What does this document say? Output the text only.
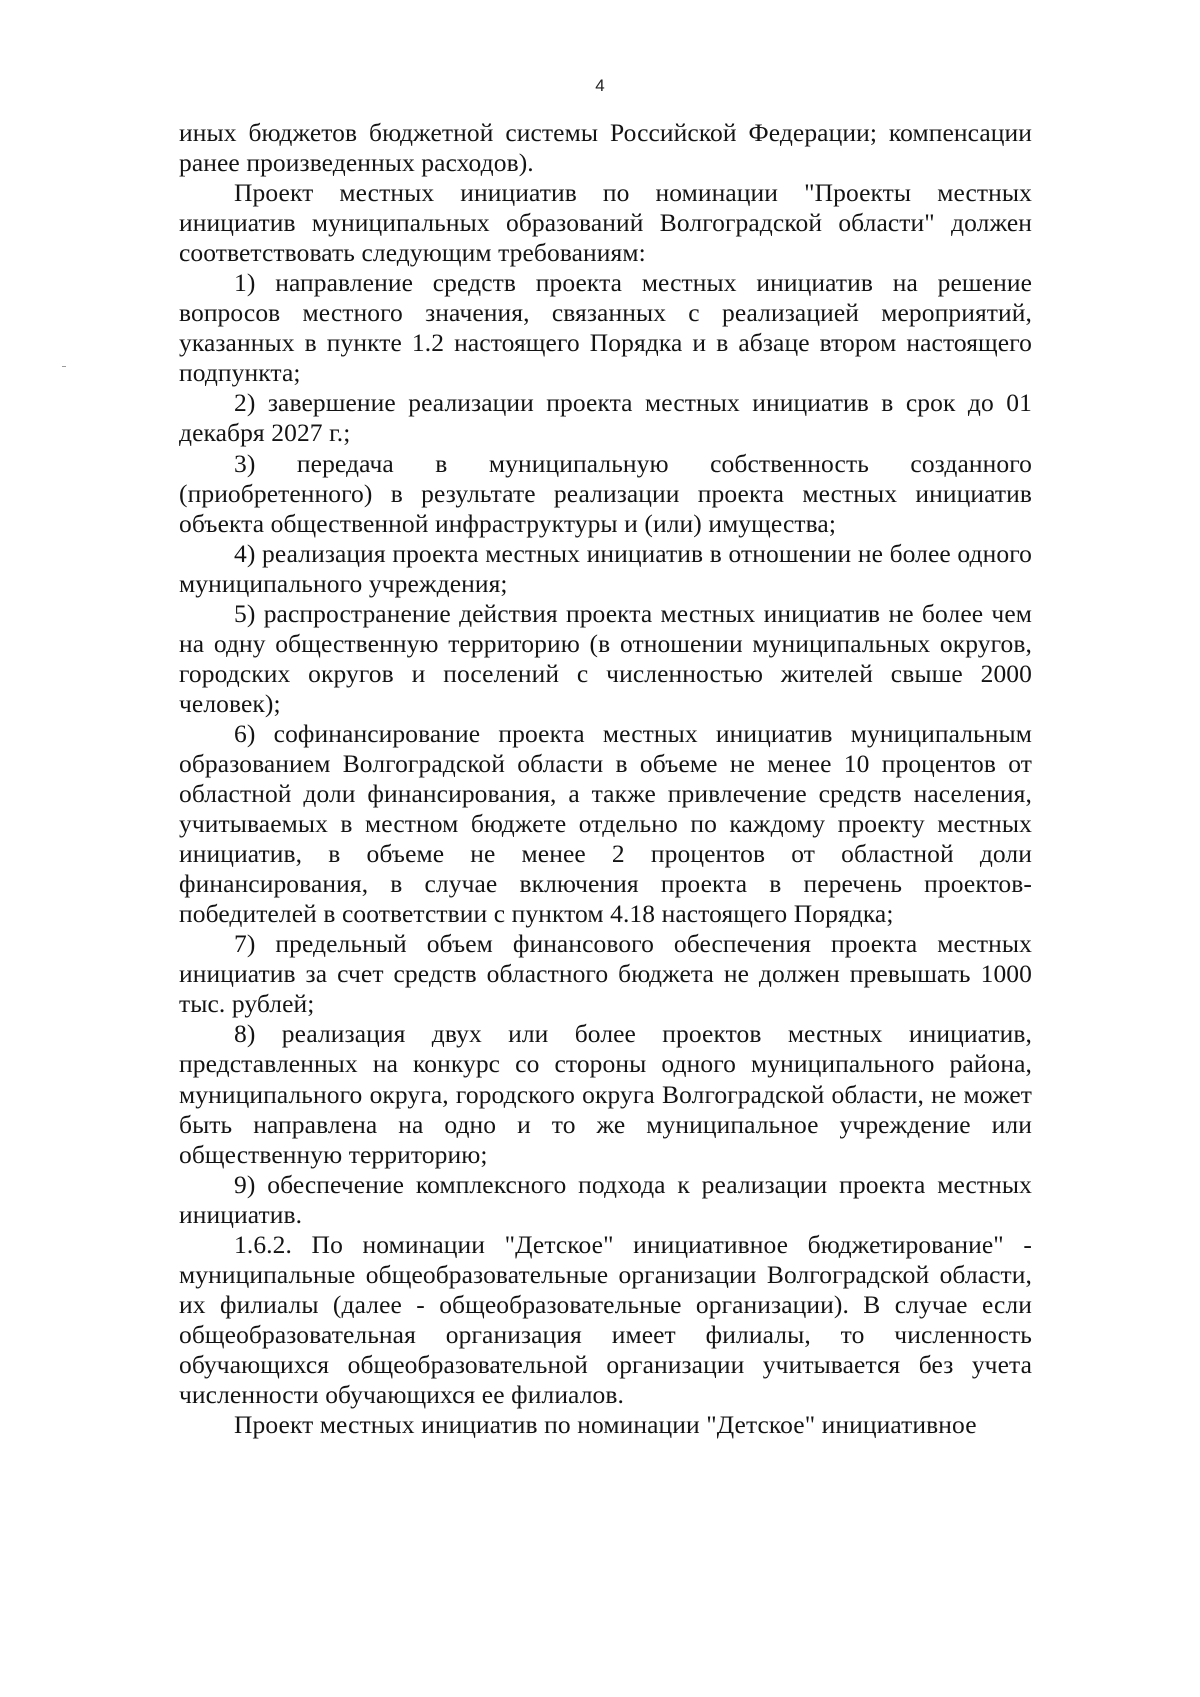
4

иных бюджетов бюджетной системы Российской Федерации; компенсации ранее произведенных расходов).

Проект местных инициатив по номинации "Проекты местных инициатив муниципальных образований Волгоградской области" должен соответствовать следующим требованиям:

1) направление средств проекта местных инициатив на решение вопросов местного значения, связанных с реализацией мероприятий, указанных в пункте 1.2 настоящего Порядка и в абзаце втором настоящего подпункта;

2) завершение реализации проекта местных инициатив в срок до 01 декабря 2027 г.;

3) передача в муниципальную собственность созданного (приобретенного) в результате реализации проекта местных инициатив объекта общественной инфраструктуры и (или) имущества;

4) реализация проекта местных инициатив в отношении не более одного муниципального учреждения;

5) распространение действия проекта местных инициатив не более чем на одну общественную территорию (в отношении муниципальных округов, городских округов и поселений с численностью жителей свыше 2000 человек);

6) софинансирование проекта местных инициатив муниципальным образованием Волгоградской области в объеме не менее 10 процентов от областной доли финансирования, а также привлечение средств населения, учитываемых в местном бюджете отдельно по каждому проекту местных инициатив, в объеме не менее 2 процентов от областной доли финансирования, в случае включения проекта в перечень проектов-победителей в соответствии с пунктом 4.18 настоящего Порядка;

7) предельный объем финансового обеспечения проекта местных инициатив за счет средств областного бюджета не должен превышать 1000 тыс. рублей;

8) реализация двух или более проектов местных инициатив, представленных на конкурс со стороны одного муниципального района, муниципального округа, городского округа Волгоградской области, не может быть направлена на одно и то же муниципальное учреждение или общественную территорию;

9) обеспечение комплексного подхода к реализации проекта местных инициатив.

1.6.2. По номинации "Детское" инициативное бюджетирование" - муниципальные общеобразовательные организации Волгоградской области, их филиалы (далее - общеобразовательные организации). В случае если общеобразовательная организация имеет филиалы, то численность обучающихся общеобразовательной организации учитывается без учета численности обучающихся ее филиалов.

Проект местных инициатив по номинации "Детское" инициативное
